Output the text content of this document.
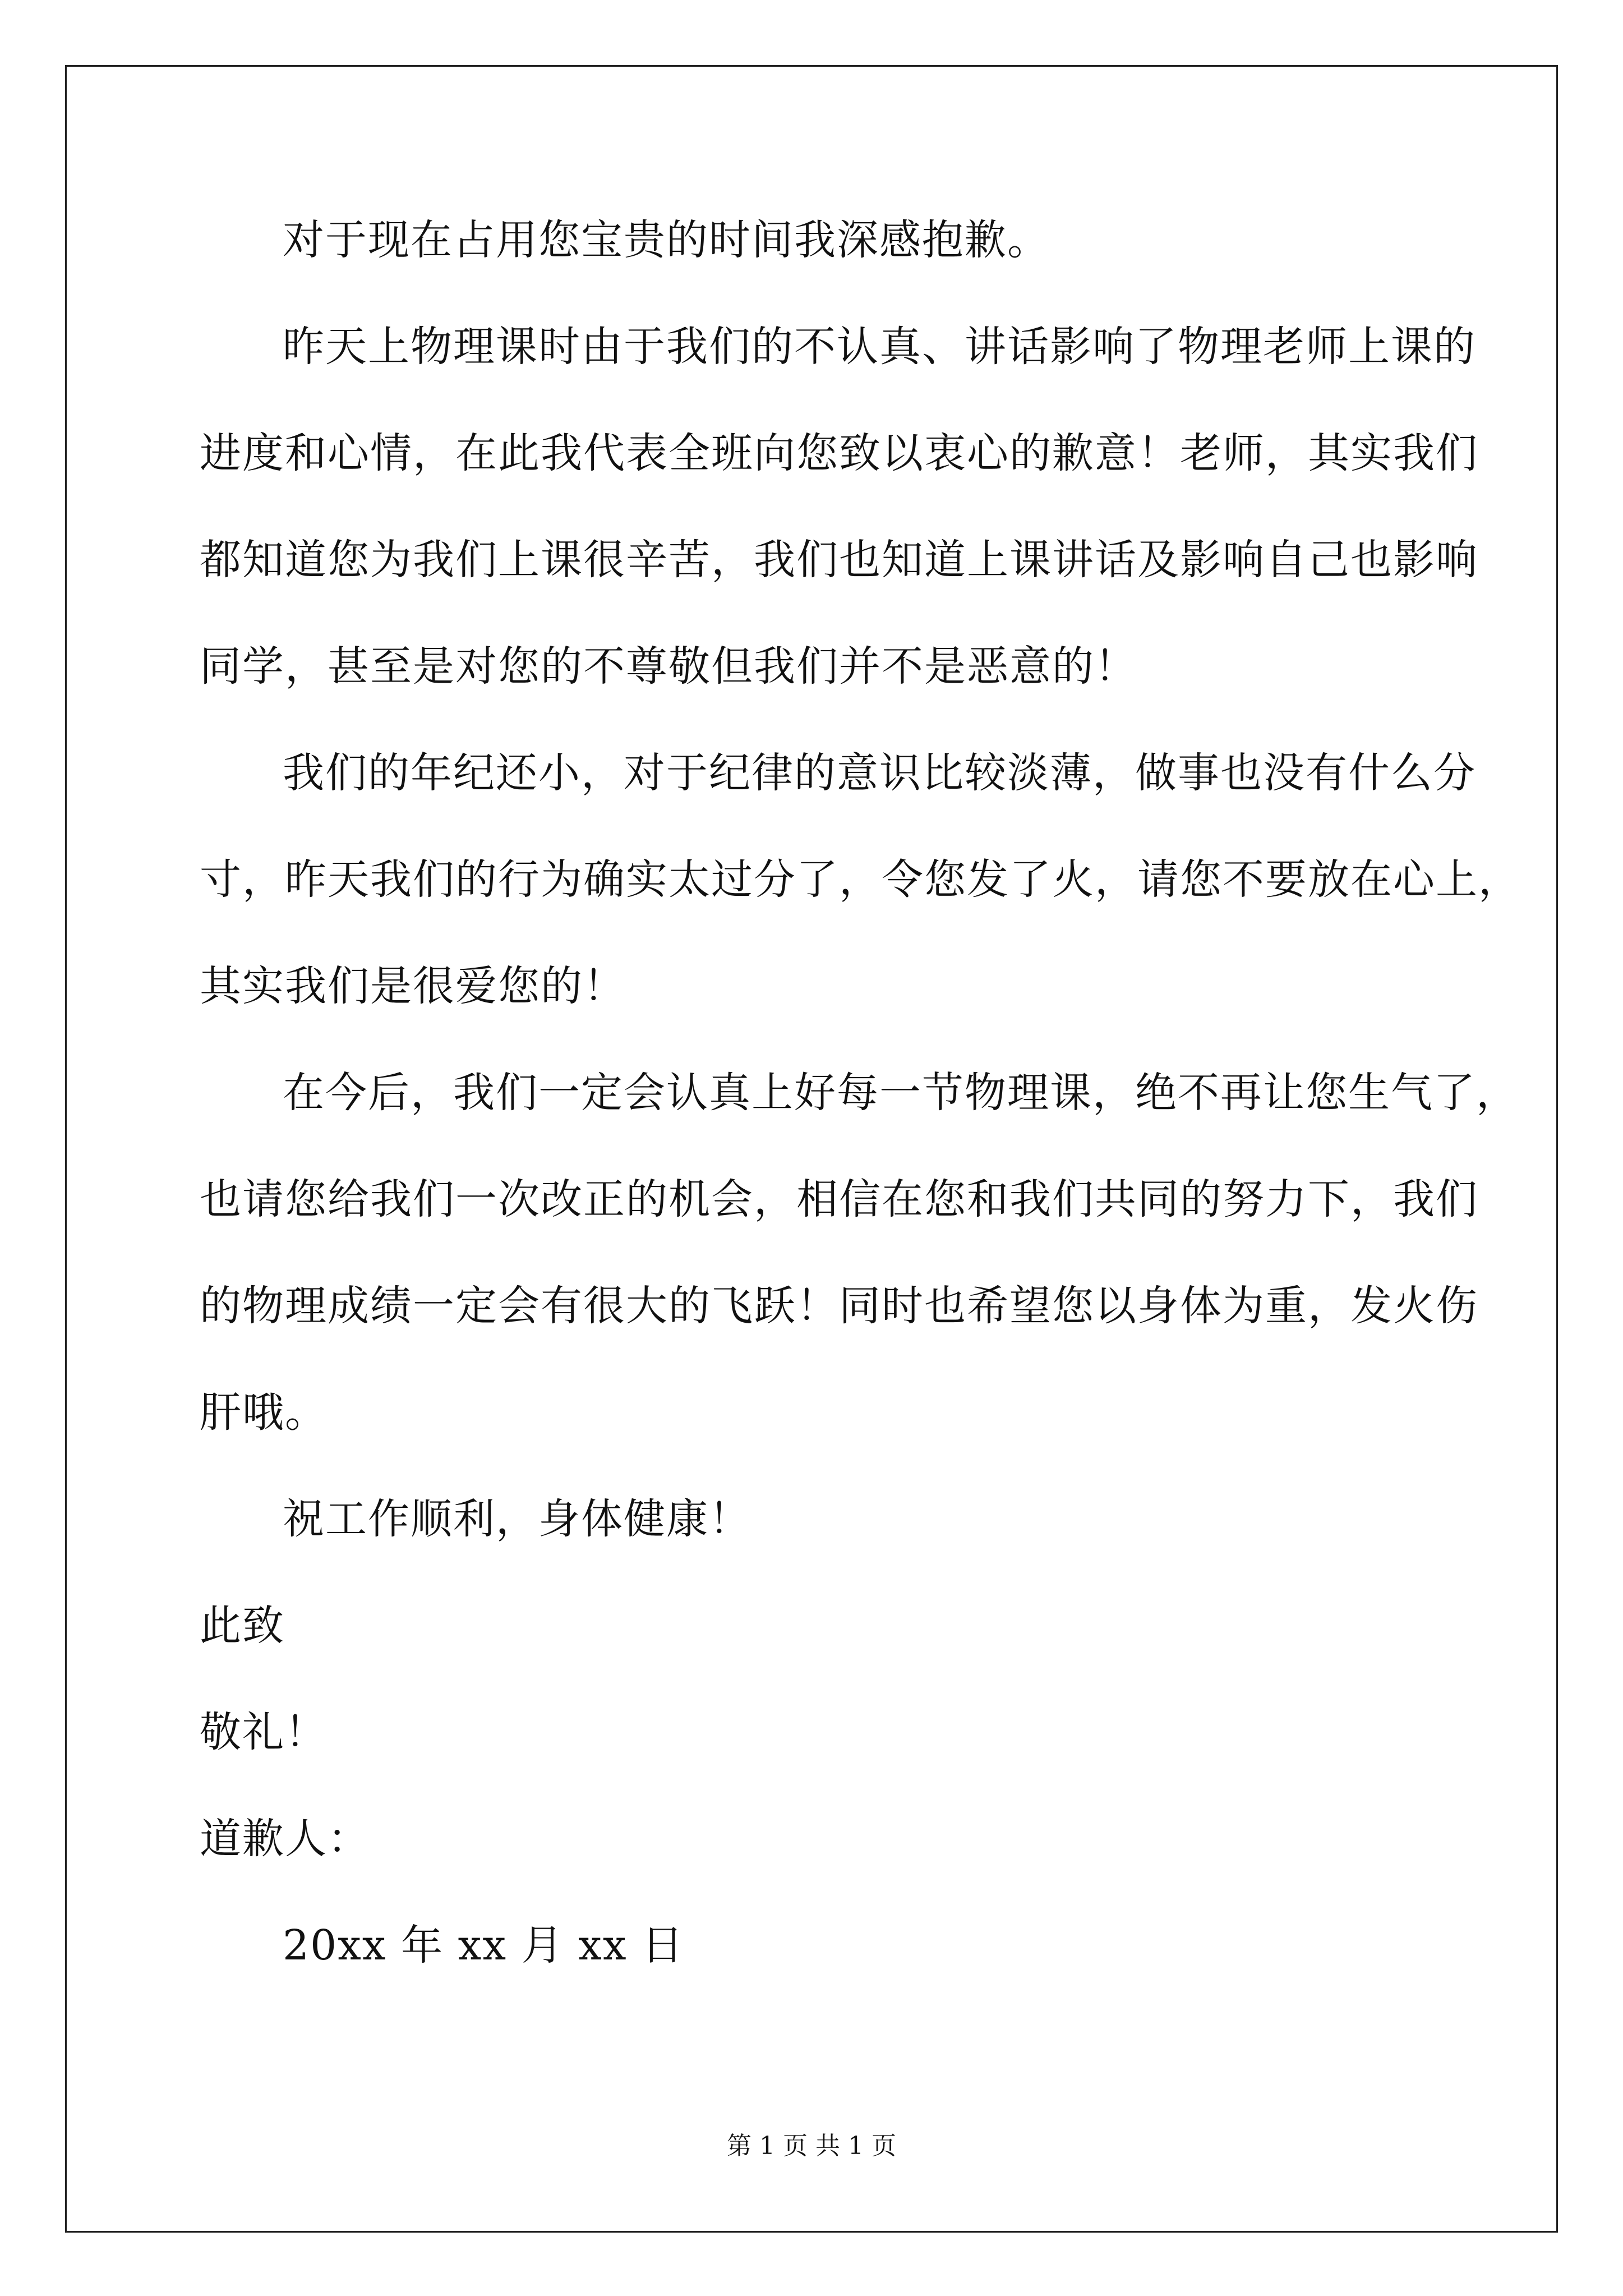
对于现在占用您宝贵的时间我深感抱歉。
昨天上物理课时由于我们的不认真、讲话影响了物理老师上课的
进度和心情，在此我代表全班向您致以衷心的歉意！老师，其实我们
都知道您为我们上课很辛苦，我们也知道上课讲话及影响自己也影响
同学，甚至是对您的不尊敬但我们并不是恶意的！
我们的年纪还小，对于纪律的意识比较淡薄，做事也没有什么分
寸，昨天我们的行为确实太过分了，令您发了火，请您不要放在心上，
其实我们是很爱您的！
在今后，我们一定会认真上好每一节物理课，绝不再让您生气了，
也请您给我们一次改正的机会，相信在您和我们共同的努力下，我们
的物理成绩一定会有很大的飞跃！同时也希望您以身体为重，发火伤
肝哦。
祝工作顺利，身体健康！
此致
敬礼！
道歉人：
20xx 年 xx 月 xx 日
第 1 页 共 1 页
